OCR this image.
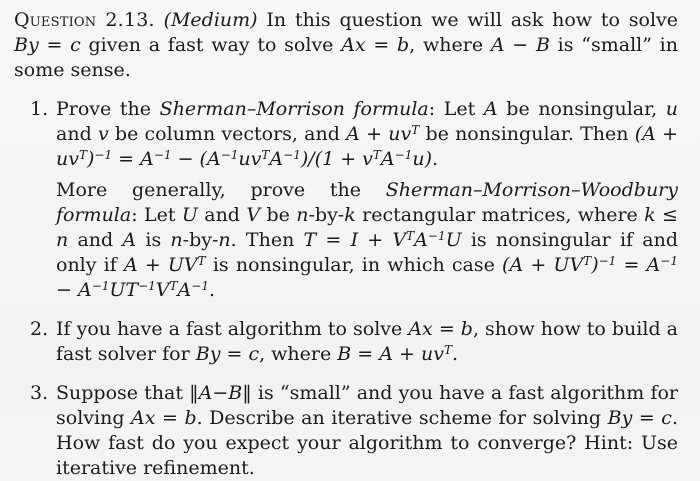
Question 2.13. (Medium) In this question we will ask how to solve By = c given a fast way to solve Ax = b, where A − B is “small” in some sense.

1. Prove the Sherman–Morrison formula: Let A be nonsingular, u and v be column vectors, and $A + uv^T$ be nonsingular. Then $(A + uv^T)^{-1} = A^{-1} - (A^{-1}uv^TA^{-1})/(1 + v^TA^{-1}u)$.

More generally, prove the Sherman–Morrison–Woodbury formula: Let U and V be n-by-k rectangular matrices, where k ≤ n and A is n-by-n. Then $T = I + V^TA^{-1}U$ is nonsingular if and only if $A + UV^T$ is nonsingular, in which case $(A + UV^T)^{-1} = A^{-1} - A^{-1}UT^{-1}V^TA^{-1}$.

2. If you have a fast algorithm to solve Ax = b, show how to build a fast solver for By = c, where $B = A + uv^T$.

3. Suppose that ‖A−B‖ is “small” and you have a fast algorithm for solving Ax = b. Describe an iterative scheme for solving By = c. How fast do you expect your algorithm to converge? Hint: Use iterative refinement.
